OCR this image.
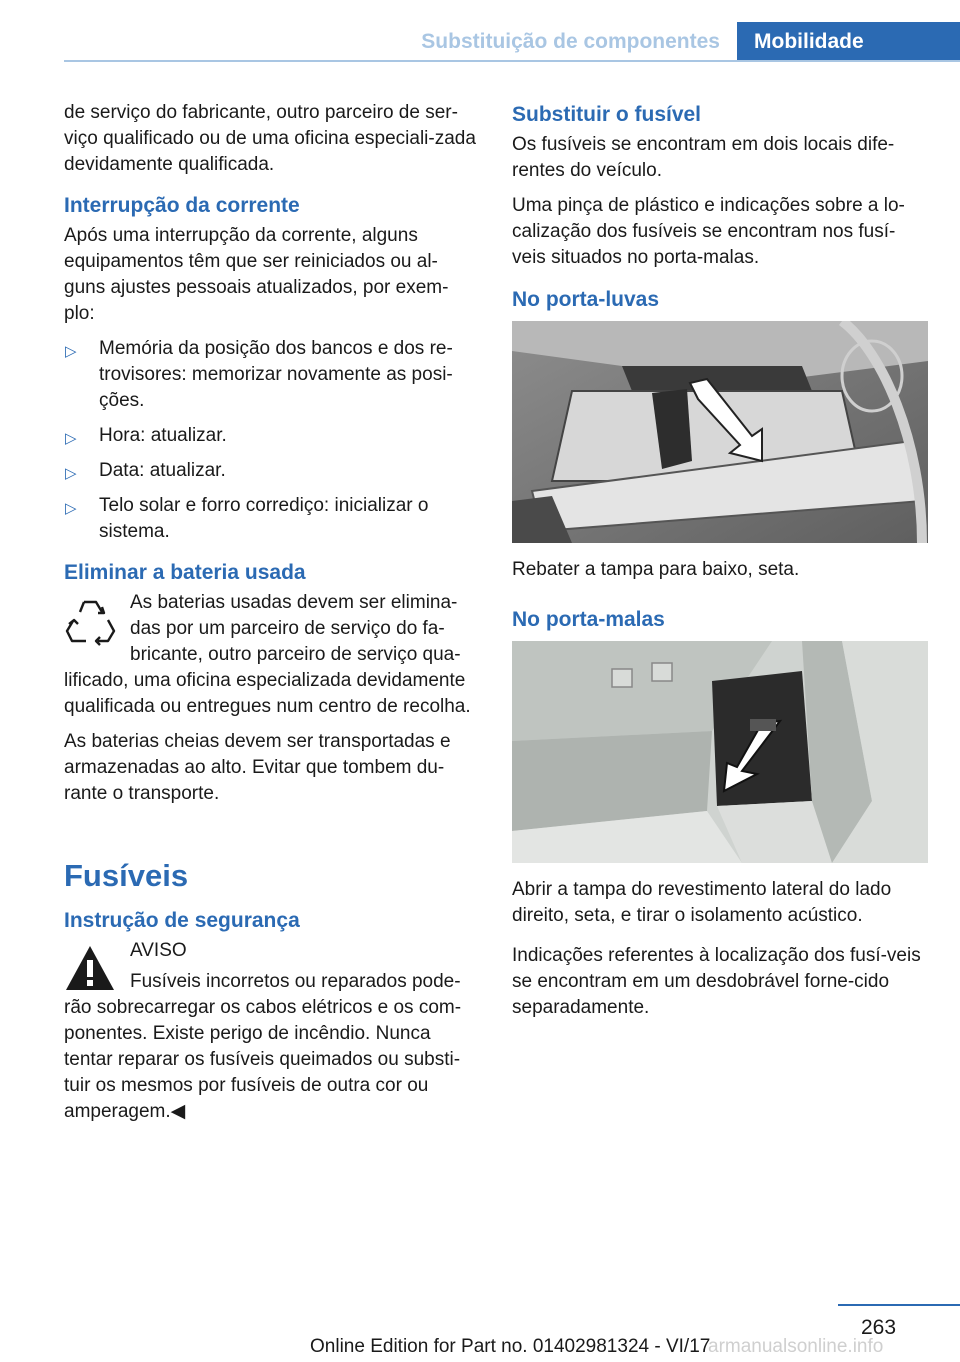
Substituição de componentes	Mobilidade

de serviço do fabricante, outro parceiro de ser-viço qualificado ou de uma oficina especiali-zada devidamente qualificada.

Interrupção da corrente

Após uma interrupção da corrente, alguns equipamentos têm que ser reiniciados ou al-guns ajustes pessoais atualizados, por exem-plo:

▷ Memória da posição dos bancos e dos re-trovisores: memorizar novamente as posi-ções.
▷ Hora: atualizar.
▷ Data: atualizar.
▷ Telo solar e forro corrediço: inicializar o sistema.
Eliminar a bateria usada

As baterias usadas devem ser elimina-das por um parceiro de serviço do fa-bricante, outro parceiro de serviço qua-lificado, uma oficina especializada devidamente qualificada ou entregues num centro de recolha.

As baterias cheias devem ser transportadas e armazenadas ao alto. Evitar que tombem du-rante o transporte.

Fusíveis
Instrução de segurança

AVISO

Fusíveis incorretos ou reparados pode-rão sobrecarregar os cabos elétricos e os com-ponentes. Existe perigo de incêndio. Nunca tentar reparar os fusíveis queimados ou substi-tuir os mesmos por fusíveis de outra cor ou amperagem.◀

Substituir o fusível

Os fusíveis se encontram em dois locais dife-rentes do veículo.

Uma pinça de plástico e indicações sobre a lo-calização dos fusíveis se encontram nos fusí-veis situados no porta-malas.

No porta-luvas

Rebater a tampa para baixo, seta.

No porta-malas

Abrir a tampa do revestimento lateral do lado direito, seta, e tirar o isolamento acústico.

Indicações referentes à localização dos fusí-veis se encontram em um desdobrável forne-cido separadamente.

263
Online Edition for Part no. 01402981324 - VI/17
armanualsonline.info
